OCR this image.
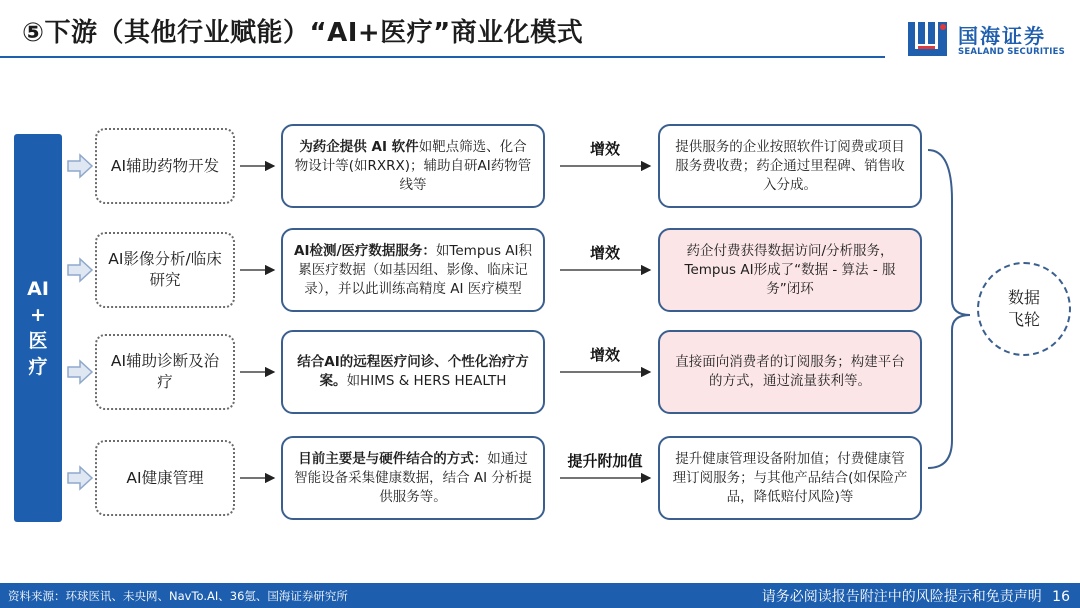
⑤下游（其他行业赋能）“AI+医疗”商业化模式	国海证券
SEALAND SECURITIES
AI
+
医
疗
AI辅助药物开发
为药企提供 AI 软件如靶点筛选、化合物设计等(如RXRX)；辅助自研AI药物管线等
增效	提供服务的企业按照软件订阅费或项目服务费收费；药企通过里程碑、销售收入分成。
AI影像分析/临床研究
AI检测/医疗数据服务：如Tempus AI积累医疗数据（如基因组、影像、临床记录），并以此训练高精度 AI 医疗模型
增效	药企付费获得数据访问/分析服务，Tempus AI形成了“数据 - 算法 - 服务”闭环
AI辅助诊断及治疗
结合AI的远程医疗问诊、个性化治疗方案。如HIMS & HERS HEALTH
增效	直接面向消费者的订阅服务；构建平台的方式，通过流量获利等。
AI健康管理
目前主要是与硬件结合的方式：如通过智能设备采集健康数据，结合 AI 分析提供服务等。
提升附加值	提升健康管理设备附加值；付费健康管理订阅服务；与其他产品结合(如保险产品，降低赔付风险)等
数据
飞轮
资料来源：环球医讯、未央网、NavTo.AI、36氪、国海证券研究所	请务必阅读报告附注中的风险提示和免责声明 16
